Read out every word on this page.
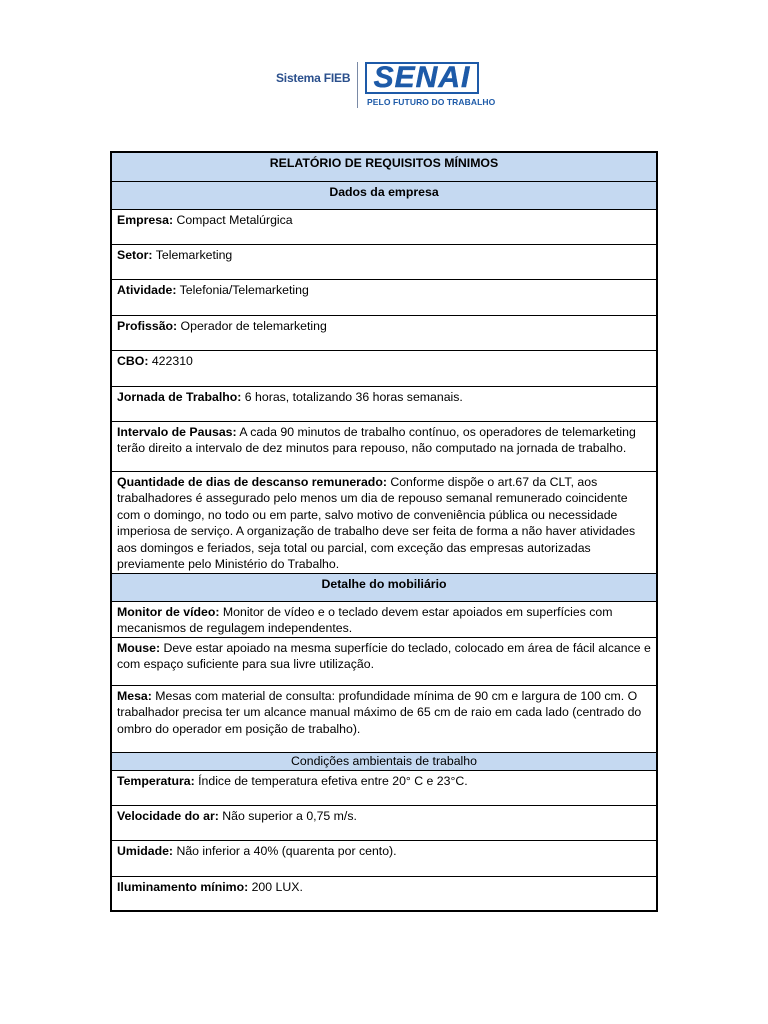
Sistema FIEB SENAI
PELO FUTURO DO TRABALHO
RELATÓRIO DE REQUISITOS MÍNIMOS
Dados da empresa
Empresa: Compact Metalúrgica
Setor: Telemarketing
Atividade: Telefonia/Telemarketing
Profissão: Operador de telemarketing
CBO: 422310
Jornada de Trabalho: 6 horas, totalizando 36 horas semanais.
Intervalo de Pausas: A cada 90 minutos de trabalho contínuo, os operadores de telemarketing terão direito a intervalo de dez minutos para repouso, não computado na jornada de trabalho.
Quantidade de dias de descanso remunerado: Conforme dispõe o art.67 da CLT, aos trabalhadores é assegurado pelo menos um dia de repouso semanal remunerado coincidente com o domingo, no todo ou em parte, salvo motivo de conveniência pública ou necessidade imperiosa de serviço. A organização de trabalho deve ser feita de forma a não haver atividades aos domingos e feriados, seja total ou parcial, com exceção das empresas autorizadas previamente pelo Ministério do Trabalho.
Detalhe do mobiliário
Monitor de vídeo: Monitor de vídeo e o teclado devem estar apoiados em superfícies com mecanismos de regulagem independentes.
Mouse: Deve estar apoiado na mesma superfície do teclado, colocado em área de fácil alcance e com espaço suficiente para sua livre utilização.
Mesa: Mesas com material de consulta: profundidade mínima de 90 cm e largura de 100 cm. O trabalhador precisa ter um alcance manual máximo de 65 cm de raio em cada lado (centrado do ombro do operador em posição de trabalho).
Condições ambientais de trabalho
Temperatura: Índice de temperatura efetiva entre 20° C e 23°C.
Velocidade do ar: Não superior a 0,75 m/s.
Umidade: Não inferior a 40% (quarenta por cento).
Iluminamento mínimo: 200 LUX.
